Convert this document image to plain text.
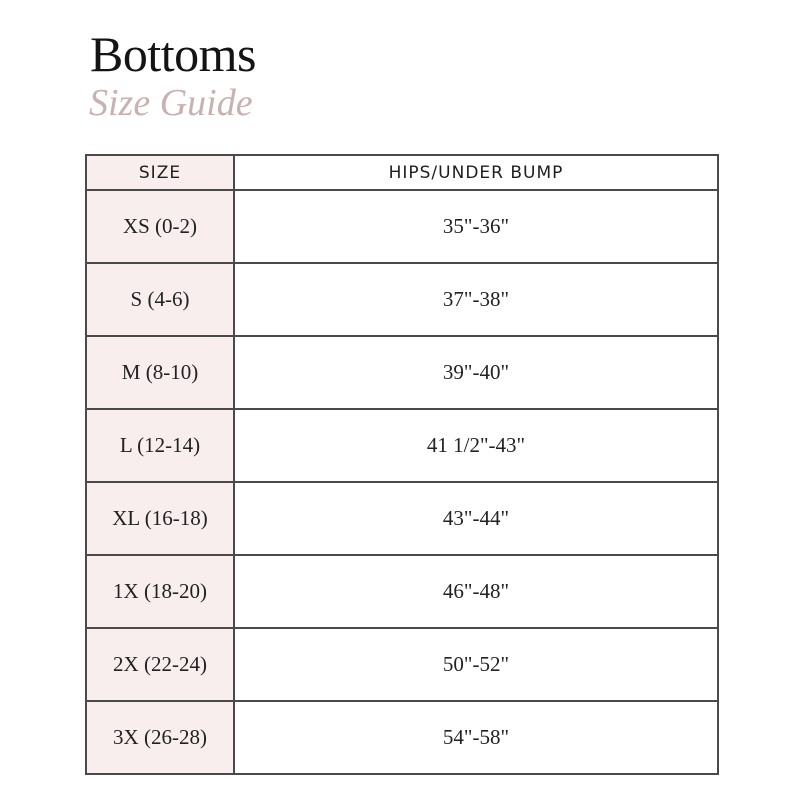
Bottoms
Size Guide
SIZE	HIPS/UNDER BUMP
XS (0-2)	35"-36"
S (4-6)	37"-38"
M (8-10)	39"-40"
L (12-14)	41 1/2"-43"
XL (16-18)	43"-44"
1X (18-20)	46"-48"
2X (22-24)	50"-52"
3X (26-28)	54"-58"
